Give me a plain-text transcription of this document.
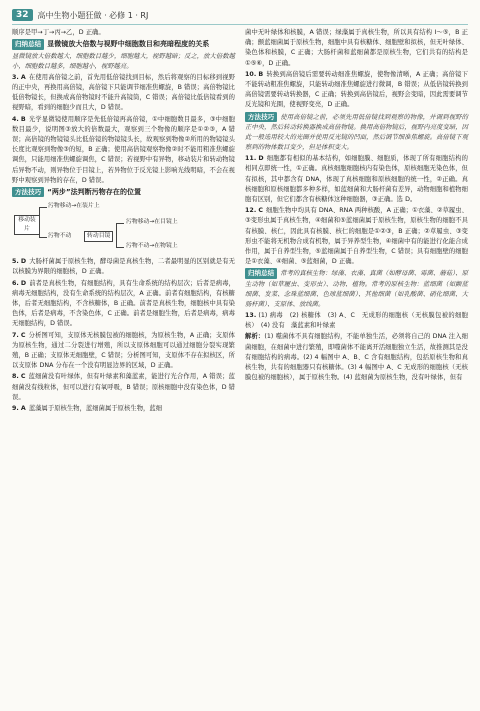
32	高中生物小题狂做 · 必修 1 · RJ

顺序是甲→丁→丙→乙，D 正确。

归纳总结 显微镜放大倍数与视野中细胞数目和亮暗程度的关系

显微镜放大倍数越大，细胞数目越少，细胞越大，视野越暗；反之，放大倍数越小，细胞数目越多，细胞越小，视野越亮。

3. A 在使用高倍镜之前，首先用低倍镜找到目标，然后将观察的目标移到视野的正中央，再换用高倍镜，高倍镜下只能调节细准焦螺旋，B 错误；高倍物镜比低倍物镜长，但换成高倍物镜时不能升高镜筒，C 错误；高倍镜比低倍镜看到的视野暗，看到的细胞少而且大，D 错误。

4. B 光学显微镜使用顺序是先低倍镜再高倍镜，①中细胞数目最多，③中细胞数目最少，说明图③放大的倍数最大，观察到三个物像的顺序是①②③，A 错误；高倍镜的物镜镜头比低倍镜的物镜镜头长，故观察到物像②所用的物镜镜头长度比观察到物像③的短，B 正确；使用高倍镜观察物像②时不能用粗准焦螺旋调焦，只能用细准焦螺旋调焦，C 错误；若视野中有异物，移动装片和转动物镜后异物不动，则异物位于目镜上，若异物位于反光镜上影响光线明暗，不会在视野中观察到异物的存在，D 错误。

方法技巧 “两步”法判断污物存在的位置

移动装片
污物移动→在装片上
污物不动	转动目镜
污物移动→在目镜上
污物不动→在物镜上

5. D 大肠杆菌属于原核生物，酵母菌是真核生物，二者最明显的区别就是有无以核膜为界限的细胞核，D 正确。

6. D 前者是真核生物，有细胞结构，具有生命系统的结构层次；后者是病毒，病毒无细胞结构，没有生命系统的结构层次，A 正确。前者有细胞结构，有核糖体，后者无细胞结构，不含核糖体，B 正确。前者是真核生物，细胞核中具有染色体，后者是病毒，不含染色体，C 正确。前者是细胞生物，后者是病毒，病毒无细胞结构，D 错误。

7. C 分析图可知，支原体无核膜包被的细胞核，为原核生物，A 正确；支原体为原核生物，通过二分裂进行增殖，所以支原体细胞可以通过细胞分裂实现繁殖，B 正确；支原体无细胞壁，C 错误；分析图可知，支原体不存在拟核区，所以支原体 DNA 分布在一个没有明显边界的区域，D 正确。

8. C 蓝细菌没有叶绿体，但有叶绿素和藻蓝素，能进行光合作用，A 错误；蓝细菌没有线粒体，但可以进行有氧呼吸，B 错误；原核细胞中没有染色体，D 错误。

9. A 蓝藻属于原核生物，蓝细菌属于原核生物，蓝细

菌中无叶绿体和核膜，A 错误；绿藻属于真核生物，所以具有结构 I～⑤，B 正确；颤蓝细菌属于原核生物，细胞中具有核糖体、细胞壁和拟核，但无叶绿体、染色体和核膜，C 正确；大肠杆菌和蓝细菌都是原核生物，它们共有的结构是①⑤⑥，D 正确。

10. B 转换到高倍镜后需要转动细准焦螺旋，使物像清晰，A 正确；高倍镜下不能转动粗准焦螺旋，只能转动细准焦螺旋进行微调，B 错误；从低倍镜转换到高倍镜需要转动转换器，C 正确；转换到高倍镜后，视野会变暗，因此需要调节反光镜和光圈，使视野变亮，D 正确。

方法技巧 使用高倍镜之前，必须先用低倍镜找到观察的物像，并调到视野的正中央，然后转动转换器换成高倍物镜。换用高倍物镜后，视野内亮度变暗，因此一般选用较大的光圈并使用反光镜的凹面，然后调节细准焦螺旋。高倍镜下观察到的物体数目变少，但是体积变大。

11. D 细胞都有相似的基本结构，如细胞膜、细胞质，体现了所有细胞结构的相同点即统一性，①正确。真核细胞细胞核内有染色体，原核细胞无染色体，但有拟核，其中都含有 DNA，体现了真核细胞和原核细胞的统一性，②正确。真核细胞和原核细胞都多种多样，如蓝细菌和大肠杆菌有差异，动物细胞和植物细胞有区别，但它们都含有核糖体这种细胞器，③正确。选 D。

12. C 细胞生物中均具有 DNA、RNA 两种核酸，A 正确；①衣藻、②草履虫、③变形虫属于真核生物，④细菌和⑤蓝细菌属于原核生物，原核生物的细胞不具有核膜、核仁，因此具有核膜、核仁的细胞是①②③，B 正确；②草履虫、③变形虫不能将无机物合成有机物，属于异养型生物，④细菌中有的能进行化能合成作用，属于自养型生物，⑤蓝细菌属于自养型生物，C 错误；具有细胞壁的细胞是①衣藻、④细菌、⑤蓝细菌，D 正确。

归纳总结 常考的真核生物：绿藻、衣藻、真菌（如酵母菌、霉菌、蘑菇）、原生动物（如草履虫、变形虫）、动物、植物。常考的原核生物：蓝细菌（如颤蓝细菌、发菜、念珠蓝细菌、色球蓝细菌）、其他细菌（如乳酸菌、硝化细菌、大肠杆菌）、支原体、放线菌。

13. (1) 病毒　(2) 核糖体　(3) A、C　无成形的细胞核（无核膜包被的细胞核）　(4) 没有　藻蓝素和叶绿素

解析：(1) 噬菌体不具有细胞结构，不能单独生活，必须将自己的 DNA 注入细菌细胞，在细菌中进行繁殖，即噬菌体不能离开活细胞独立生活，故推测其是没有细胞结构的病毒。(2) 4 幅图中 A、B、C 含有细胞结构，包括原核生物和真核生物，共有的细胞器只有核糖体。(3) 4 幅图中 A、C 无成形的细胞核（无核膜包被的细胞核），属于原核生物。(4) 蓝细菌为原核生物，没有叶绿体，但有
